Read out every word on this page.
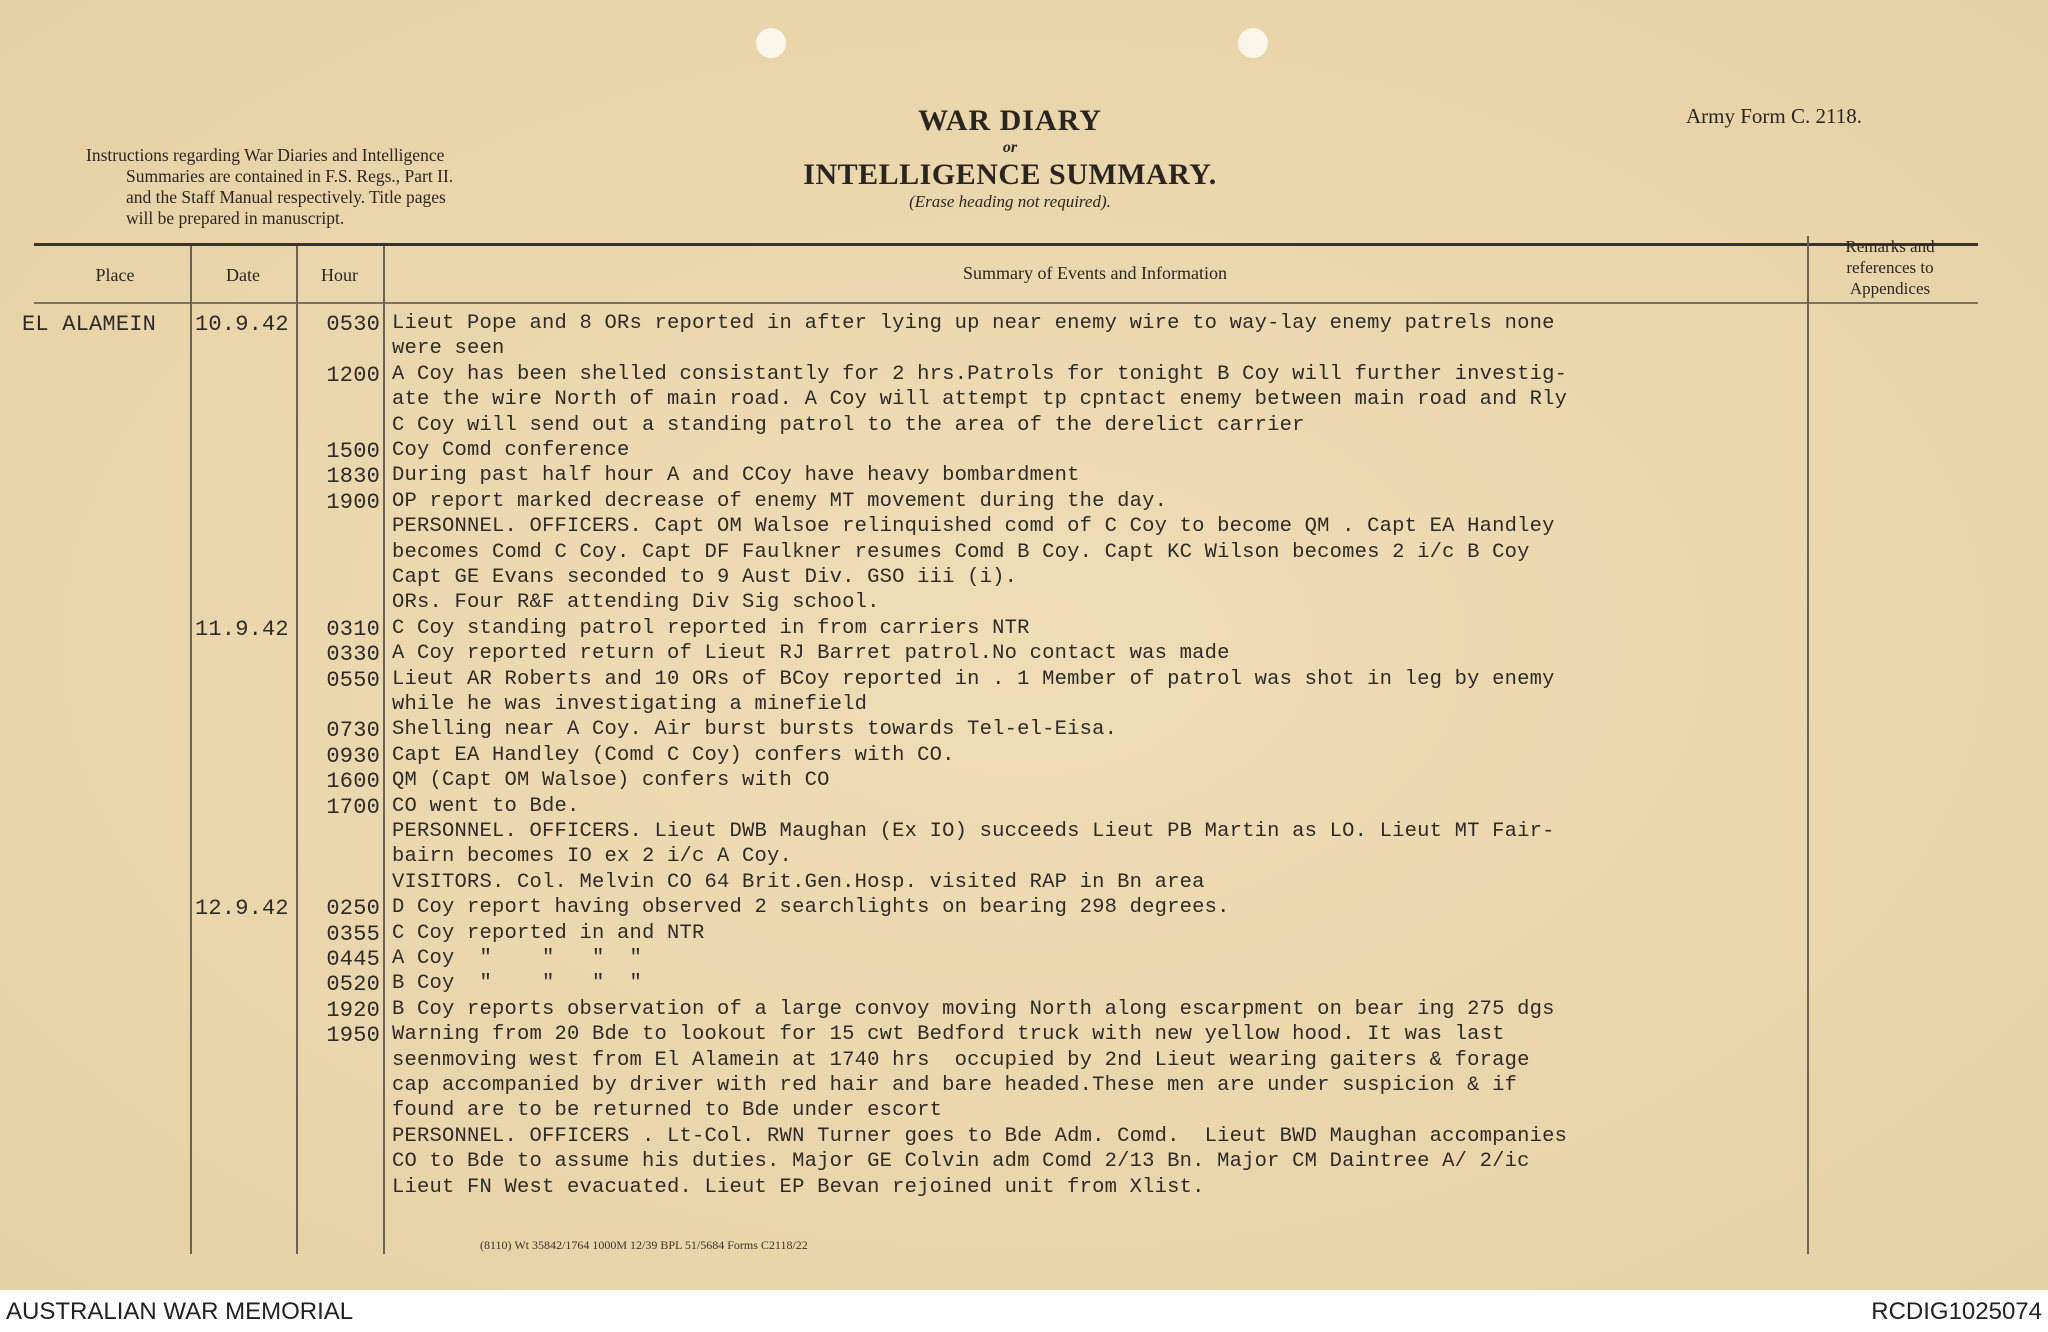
Instructions regarding War Diaries and Intelligence
Summaries are contained in F.S. Regs., Part II.
and the Staff Manual respectively. Title pages
will be prepared in manuscript.
WAR DIARY
or
INTELLIGENCE SUMMARY.
(Erase heading not required).
Army Form C. 2118.
Place	Date	Hour	Summary of Events and Information
Remarks and
references to
Appendices
EL ALAMEIN	10.9.42	0530 Lieut Pope and 8 ORs reported in after lying up near enemy wire to way-lay enemy patrels none
were seen
1200 A Coy has been shelled consistantly for 2 hrs.Patrols for tonight B Coy will further investig-
ate the wire North of main road. A Coy will attempt tp cpntact enemy between main road and Rly
C Coy will send out a standing patrol to the area of the derelict carrier
1500 Coy Comd conference
1830 During past half hour A and CCoy have heavy bombardment
1900 OP report marked decrease of enemy MT movement during the day.
PERSONNEL. OFFICERS. Capt OM Walsoe relinquished comd of C Coy to become QM . Capt EA Handley
becomes Comd C Coy. Capt DF Faulkner resumes Comd B Coy. Capt KC Wilson becomes 2 i/c B Coy
Capt GE Evans seconded to 9 Aust Div. GSO iii (i).
ORs. Four R&F attending Div Sig school.
11.9.42	0310 C Coy standing patrol reported in from carriers NTR
0330 A Coy reported return of Lieut RJ Barret patrol.No contact was made
0550 Lieut AR Roberts and 10 ORs of BCoy reported in . 1 Member of patrol was shot in leg by enemy
while he was investigating a minefield
0730 Shelling near A Coy. Air burst bursts towards Tel-el-Eisa.
0930 Capt EA Handley (Comd C Coy) confers with CO.
1600 QM (Capt OM Walsoe) confers with CO
1700 CO went to Bde.
PERSONNEL. OFFICERS. Lieut DWB Maughan (Ex IO) succeeds Lieut PB Martin as LO. Lieut MT Fair-
bairn becomes IO ex 2 i/c A Coy.
VISITORS. Col. Melvin CO 64 Brit.Gen.Hosp. visited RAP in Bn area
12.9.42	0250 D Coy report having observed 2 searchlights on bearing 298 degrees.
0355 C Coy reported in and NTR
0445 A Coy  "    "   "  "
0520 B Coy  "    "   "  "
1920 B Coy reports observation of a large convoy moving North along escarpment on bear ing 275 dgs
1950 Warning from 20 Bde to lookout for 15 cwt Bedford truck with new yellow hood. It was last
seenmoving west from El Alamein at 1740 hrs  occupied by 2nd Lieut wearing gaiters & forage
cap accompanied by driver with red hair and bare headed.These men are under suspicion & if
found are to be returned to Bde under escort
PERSONNEL. OFFICERS . Lt-Col. RWN Turner goes to Bde Adm. Comd.  Lieut BWD Maughan accompanies
CO to Bde to assume his duties. Major GE Colvin adm Comd 2/13 Bn. Major CM Daintree A/ 2/ic
Lieut FN West evacuated. Lieut EP Bevan rejoined unit from Xlist.
(8110) Wt 35842/1764 1000M 12/39 BPL 51/5684 Forms C2118/22
AUSTRALIAN WAR MEMORIAL	RCDIG1025074
